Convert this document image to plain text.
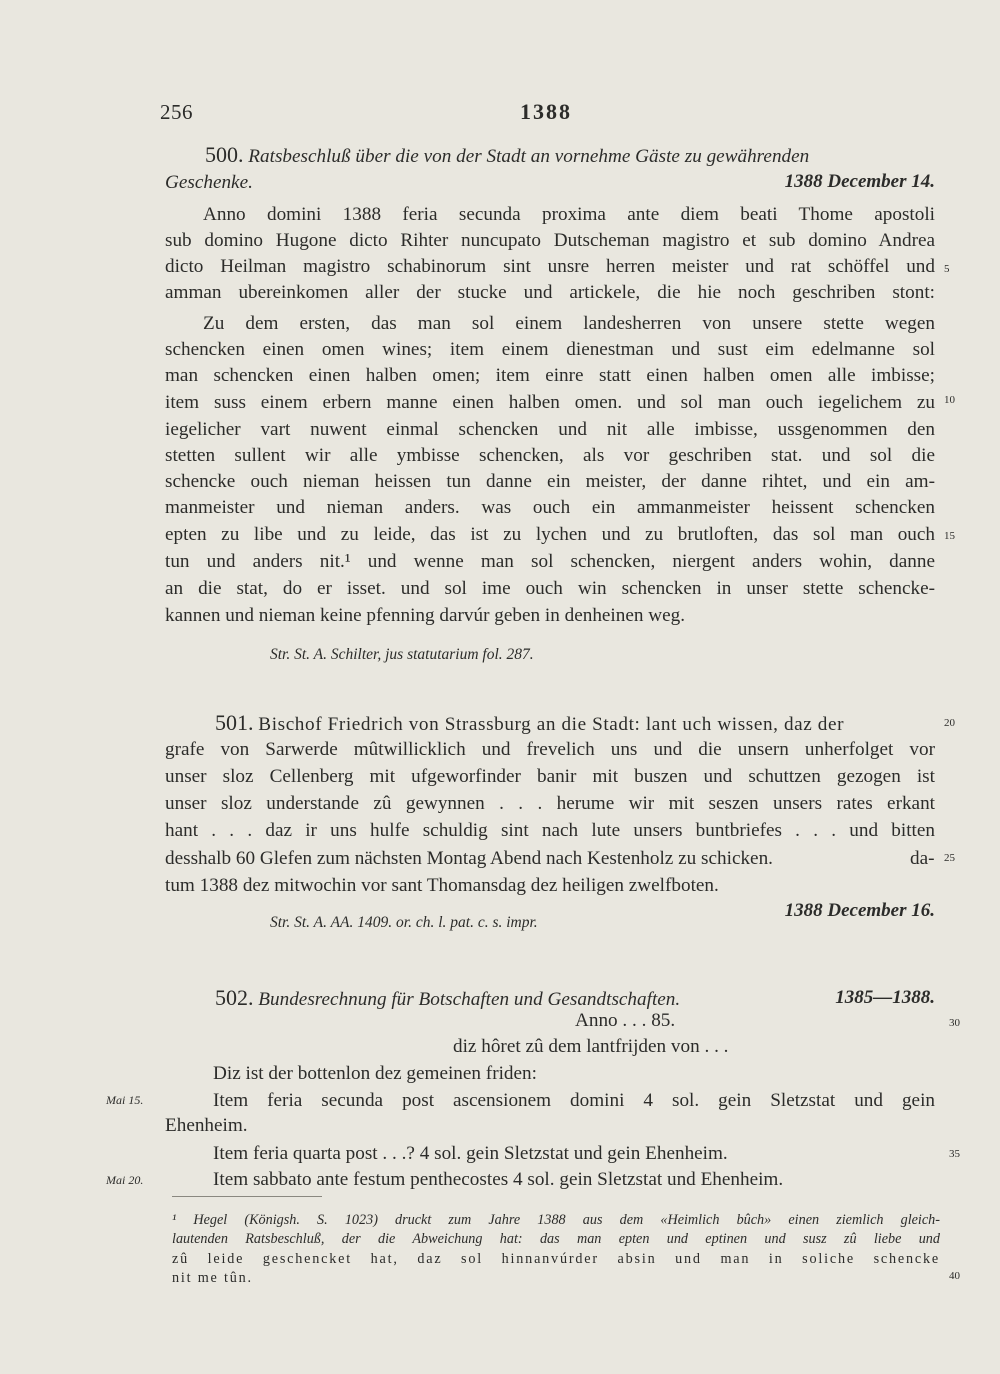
256	1388
500. Ratsbeschluß über die von der Stadt an vornehme Gäste zu gewährenden
Geschenke.	1388 December 14.
Anno domini 1388 feria secunda proxima ante diem beati Thome apostoli
sub domino Hugone dicto Rihter nuncupato Dutscheman magistro et sub domino Andrea
dicto Heilman magistro schabinorum sint unsre herren meister und rat schöffel und
amman ubereinkomen aller der stucke und artickele, die hie noch geschriben stont:
Zu dem ersten, das man sol einem landesherren von unsere stette wegen
schencken einen omen wines; item einem dienestman und sust eim edelmanne sol
man schencken einen halben omen; item einre statt einen halben omen alle imbisse;
item suss einem erbern manne einen halben omen. und sol man ouch iegelichem zu
iegelicher vart nuwent einmal schencken und nit alle imbisse, ussgenommen den
stetten sullent wir alle ymbisse schencken, als vor geschriben stat. und sol die
schencke ouch nieman heissen tun danne ein meister, der danne rihtet, und ein am-
manmeister und nieman anders. was ouch ein ammanmeister heissent schencken
epten zu libe und zu leide, das ist zu lychen und zu brutloften, das sol man ouch
tun und anders nit.¹ und wenne man sol schencken, niergent anders wohin, danne
an die stat, do er isset. und sol ime ouch win schencken in unser stette schencke-
kannen und nieman keine pfenning darvúr geben in denheinen weg.
Str. St. A. Schilter, jus statutarium fol. 287.
501. Bischof Friedrich von Strassburg an die Stadt: lant uch wissen, daz der
grafe von Sarwerde mûtwillicklich und frevelich uns und die unsern unherfolget vor
unser sloz Cellenberg mit ufgeworfinder banir mit buszen und schuttzen gezogen ist
unser sloz understande zû gewynnen . . . herume wir mit seszen unsers rates erkant
hant . . . daz ir uns hulfe schuldig sint nach lute unsers buntbriefes . . . und bitten
desshalb 60 Glefen zum nächsten Montag Abend nach Kestenholz zu schicken.	da-
tum 1388 dez mitwochin vor sant Thomansdag dez heiligen zwelfboten.
1388 December 16.
Str. St. A. AA. 1409. or. ch. l. pat. c. s. impr.
502. Bundesrechnung für Botschaften und Gesandtschaften.	1385—1388.
Anno . . . 85.
diz hôret zû dem lantfrijden von . . .
Diz ist der bottenlon dez gemeinen friden:
Item feria secunda post ascensionem domini 4 sol. gein Sletzstat und gein
Ehenheim.
Item feria quarta post . . .? 4 sol. gein Sletzstat und gein Ehenheim.
Item sabbato ante festum penthecostes 4 sol. gein Sletzstat und Ehenheim.
Mai 15.
Mai 20.
5
10
15
20
25
30
35
40
¹ Hegel (Königsh. S. 1023) druckt zum Jahre 1388 aus dem «Heimlich bûch» einen ziemlich gleich-
lautenden Ratsbeschluß, der die Abweichung hat: das man epten und eptinen und susz zû liebe und
zû leide geschencket hat, daz sol hinnanvúrder absin und man in soliche schencke
nit me tûn.
